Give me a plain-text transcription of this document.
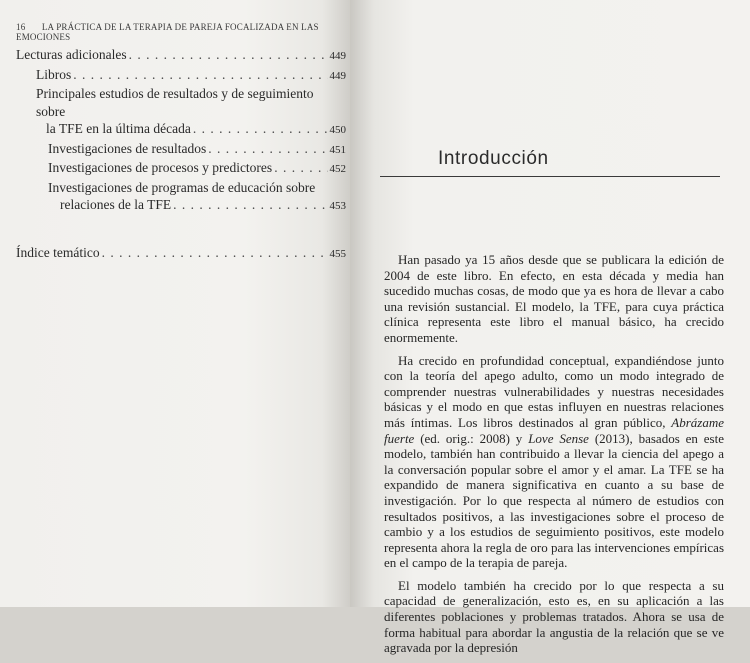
16 LA PRÁCTICA DE LA TERAPIA DE PAREJA FOCALIZADA EN LAS EMOCIONES
Lecturas adicionales . . .	449
Libros . . .	449
Principales estudios de resultados y de seguimiento sobre
la TFE en la última década . . .	450
Investigaciones de resultados . . .	451
Investigaciones de procesos y predictores . . .	452
Investigaciones de programas de educación sobre
relaciones de la TFE . . .	453
Índice temático . . .	455
Introducción

Han pasado ya 15 años desde que se publicara la edición de 2004 de este libro. En efecto, en esta década y media han sucedido muchas cosas, de modo que ya es hora de llevar a cabo una revisión sustancial. El modelo, la TFE, para cuya práctica clínica representa este libro el manual básico, ha crecido enormemente.

Ha crecido en profundidad conceptual, expandiéndose junto con la teoría del apego adulto, como un modo integrado de comprender nuestras vulnerabilidades y nuestras necesidades básicas y el modo en que estas influyen en nuestras relaciones más íntimas. Los libros destinados al gran público, Abrázame fuerte (ed. orig.: 2008) y Love Sense (2013), basados en este modelo, también han contribuido a llevar la ciencia del apego a la conversación popular sobre el amor y el amar. La TFE se ha expandido de manera significativa en cuanto a su base de investigación. Por lo que respecta al número de estudios con resultados positivos, a las investigaciones sobre el proceso de cambio y a los estudios de seguimiento positivos, este modelo representa ahora la regla de oro para las intervenciones empíricas en el campo de la terapia de pareja.

El modelo también ha crecido por lo que respecta a su capacidad de generalización, esto es, en su aplicación a las diferentes poblaciones y problemas tratados. Ahora se usa de forma habitual para abordar la angustia de la relación que se ve agravada por la depresión
